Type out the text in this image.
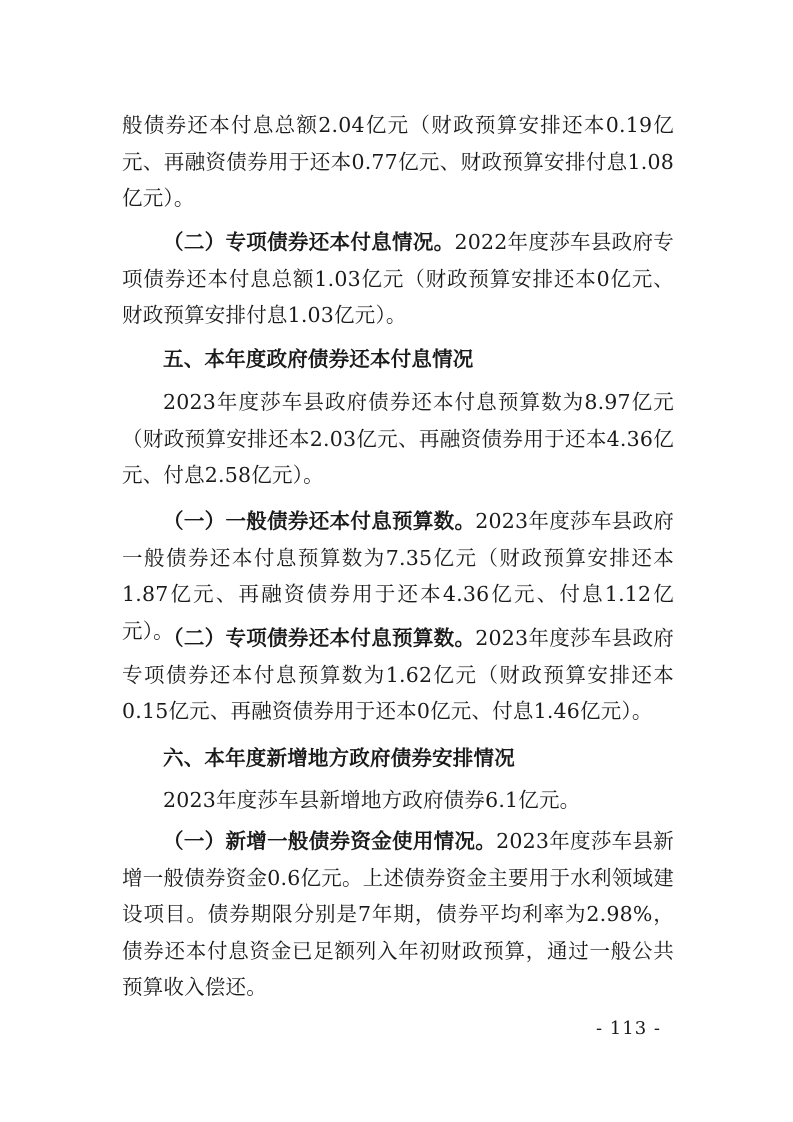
般债券还本付息总额2.04亿元（财政预算安排还本0.19亿元、再融资债券用于还本0.77亿元、财政预算安排付息1.08亿元）。

（二）专项债券还本付息情况。2022年度莎车县政府专项债券还本付息总额1.03亿元（财政预算安排还本0亿元、财政预算安排付息1.03亿元）。

五、本年度政府债券还本付息情况

2023年度莎车县政府债券还本付息预算数为8.97亿元（财政预算安排还本2.03亿元、再融资债券用于还本4.36亿元、付息2.58亿元）。

（一）一般债券还本付息预算数。2023年度莎车县政府一般债券还本付息预算数为7.35亿元（财政预算安排还本1.87亿元、再融资债券用于还本4.36亿元、付息1.12亿元）。

（二）专项债券还本付息预算数。2023年度莎车县政府专项债券还本付息预算数为1.62亿元（财政预算安排还本0.15亿元、再融资债券用于还本0亿元、付息1.46亿元）。

六、本年度新增地方政府债券安排情况

2023年度莎车县新增地方政府债券6.1亿元。

（一）新增一般债券资金使用情况。2023年度莎车县新增一般债券资金0.6亿元。上述债券资金主要用于水利领域建设项目。债券期限分别是7年期，债券平均利率为2.98%，债券还本付息资金已足额列入年初财政预算，通过一般公共预算收入偿还。

- 113 -
